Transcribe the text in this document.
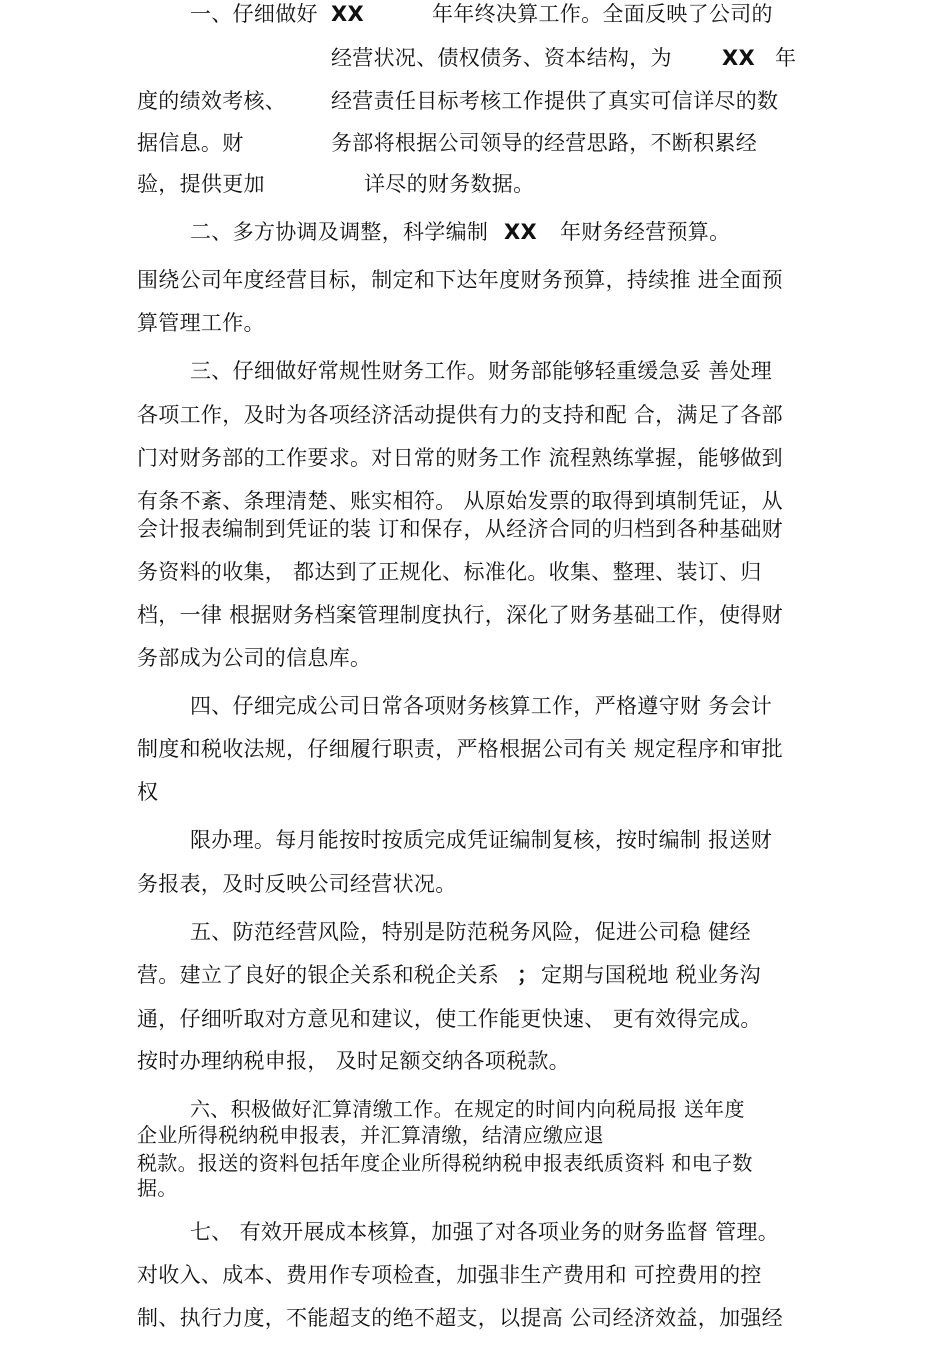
一、仔细做好 XX	年年终决算工作。全面反映了公司的
经营状况、债权债务、资本结构，为 XX 年
度的绩效考核、 经营责任目标考核工作提供了真实可信详尽的数
据信息。财	务部将根据公司领导的经营思路，不断积累经
验，提供更加	详尽的财务数据。
二、多方协调及调整，科学编制 XX 年财务经营预算。
围绕公司年度经营目标，制定和下达年度财务预算，持续推 进全面预
算管理工作。
三、仔细做好常规性财务工作。财务部能够轻重缓急妥 善处理
各项工作，及时为各项经济活动提供有力的支持和配 合，满足了各部
门对财务部的工作要求。对日常的财务工作 流程熟练掌握，能够做到
有条不紊、条理清楚、账实相符。 从原始发票的取得到填制凭证，从
会计报表编制到凭证的装 订和保存，从经济合同的归档到各种基础财
务资料的收集， 都达到了正规化、标准化。收集、整理、装订、归
档，一律 根据财务档案管理制度执行，深化了财务基础工作，使得财
务部成为公司的信息库。
四、仔细完成公司日常各项财务核算工作，严格遵守财 务会计
制度和税收法规，仔细履行职责，严格根据公司有关 规定程序和审批
权
限办理。每月能按时按质完成凭证编制复核，按时编制 报送财
务报表，及时反映公司经营状况。
五、防范经营风险，特别是防范税务风险，促进公司稳 健经
营。建立了良好的银企关系和税企关系 ； 定期与国税地 税业务沟
通，仔细听取对方意见和建议，使工作能更快速、 更有效得完成。
按时办理纳税申报， 及时足额交纳各项税款。
六、积极做好汇算清缴工作。在规定的时间内向税局报 送年度
企业所得税纳税申报表，并汇算清缴，结清应缴应退
税款。报送的资料包括年度企业所得税纳税申报表纸质资料 和电子数
据。
七、 有效开展成本核算，加强了对各项业务的财务监督 管理。
对收入、成本、费用作专项检查，加强非生产费用和 可控费用的控
制、执行力度，不能超支的绝不超支，以提高 公司经济效益，加强经
